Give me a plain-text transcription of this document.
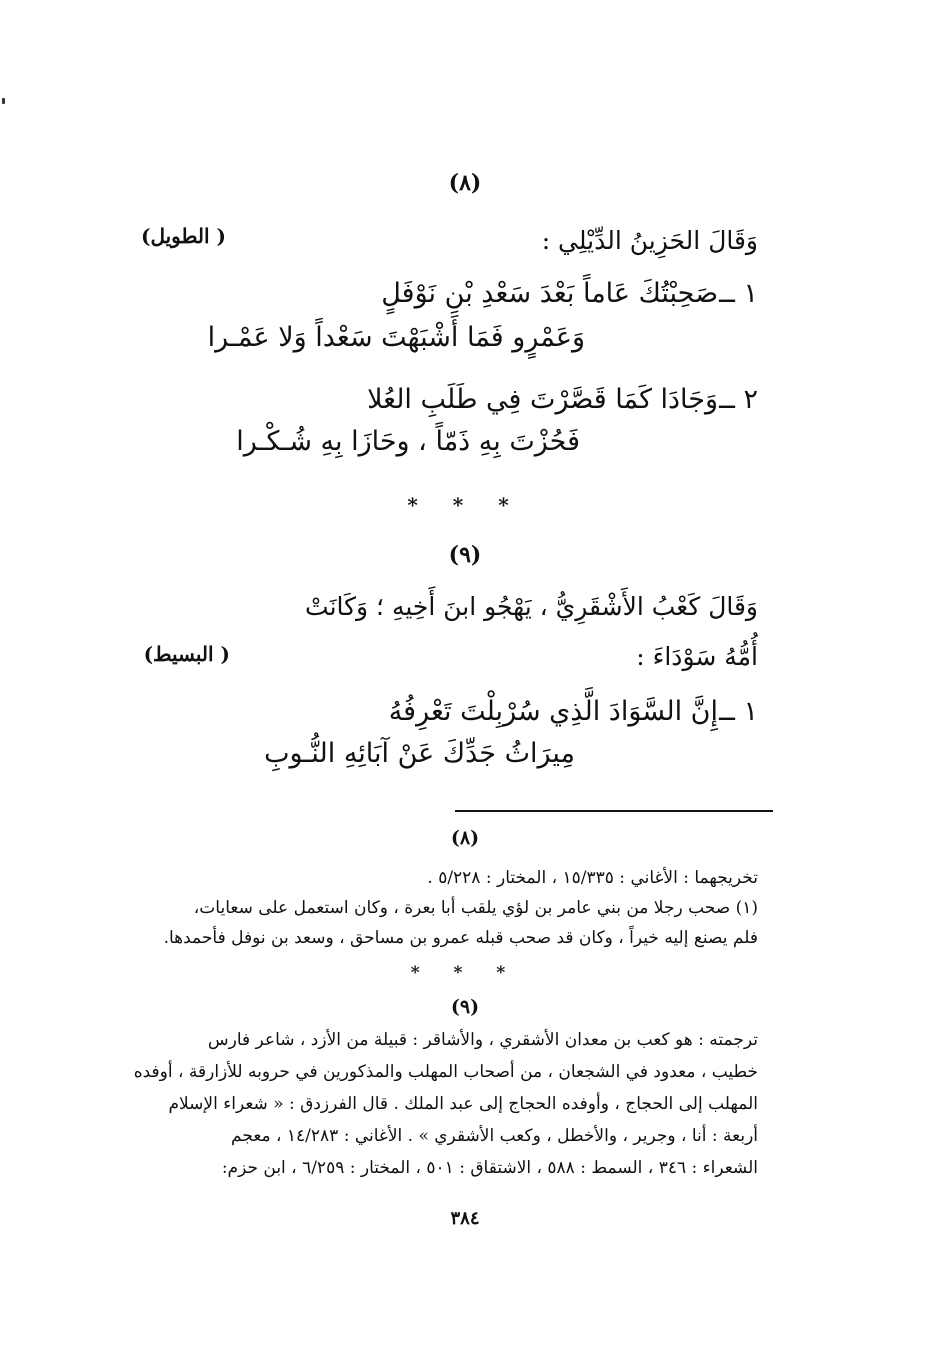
(٨)
وَقَالَ الحَزِينُ الدِّيْلِي :
( الطويل)
١ ــ
صَحِبْتُكَ عَاماً بَعْدَ سَعْدِ بْنِ نَوْفَلٍ
وَعَمْرٍو فَمَا أَشْبَهْتَ سَعْداً وَلا عَمْـرا
٢ ــ
وَجَادَا كَمَا قَصَّرْتَ فِي طَلَبِ العُلا
فَحُزْتَ بِهِ ذَمّاً ، وحَازَا بِهِ شُـكْـرا
* * *
(٩)
وَقَالَ كَعْبُ الأَشْقَرِيُّ ، يَهْجُو ابنَ أَخِيهِ ؛ وَكَانَتْ
أُمُّهُ سَوْدَاءَ :
( البسيط)
١ ــ
إِنَّ السَّوَادَ الَّذِي سُرْبِلْتَ تَعْرِفُهُ
مِيرَاثُ جَدِّكَ عَنْ آبَائِهِ النُّـوبِ
(٨)
تخريجهما : الأغاني : ١٥/٣٣٥ ، المختار : ٥/٢٢٨ .
(١) صحب رجلا من بني عامر بن لؤي يلقب أبا بعرة ، وكان استعمل على سعايات،
فلم يصنع إليه خيراً ، وكان قد صحب قبله عمرو بن مساحق ، وسعد بن نوفل فأحمدها.
* * *
(٩)
ترجمته : هو كعب بن معدان الأشقري ، والأشاقر : قبيلة من الأزد ، شاعر فارس
خطيب ، معدود في الشجعان ، من أصحاب المهلب والمذكورين في حروبه للأزارقة ، أوفده
المهلب إلى الحجاج ، وأوفده الحجاج إلى عبد الملك . قال الفرزدق : « شعراء الإسلام
أربعة : أنا ، وجرير ، والأخطل ، وكعب الأشقري » . الأغاني : ١٤/٢٨٣ ، معجم
الشعراء : ٣٤٦ ، السمط : ٥٨٨ ، الاشتقاق : ٥٠١ ، المختار : ٦/٢٥٩ ، ابن حزم:
٣٨٤
